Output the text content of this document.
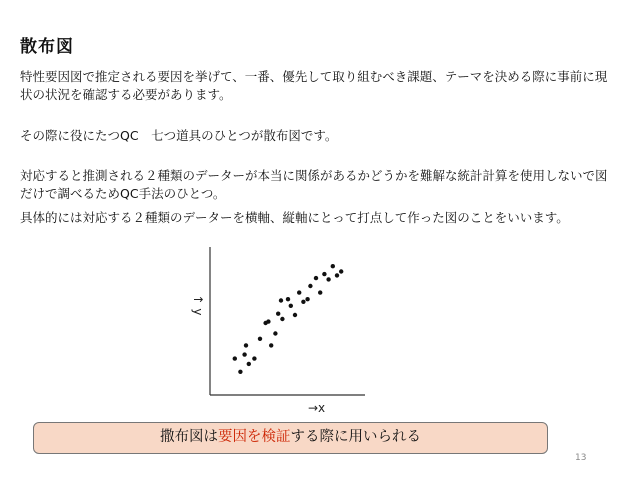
散布図
特性要因図で推定される要因を挙げて、一番、優先して取り組むべき課題、テーマを決める際に事前に現状の状況を確認する必要があります。
その際に役にたつQC　七つ道具のひとつが散布図です。
対応すると推測される２種類のデーターが本当に関係があるかどうかを難解な統計計算を使用しないで図だけで調べるためQC手法のひとつ。
具体的には対応する２種類のデーターを横軸、縦軸にとって打点して作った図のことをいいます。
↑ y
→x
撒布図は要因を検証する際に用いられる
13
